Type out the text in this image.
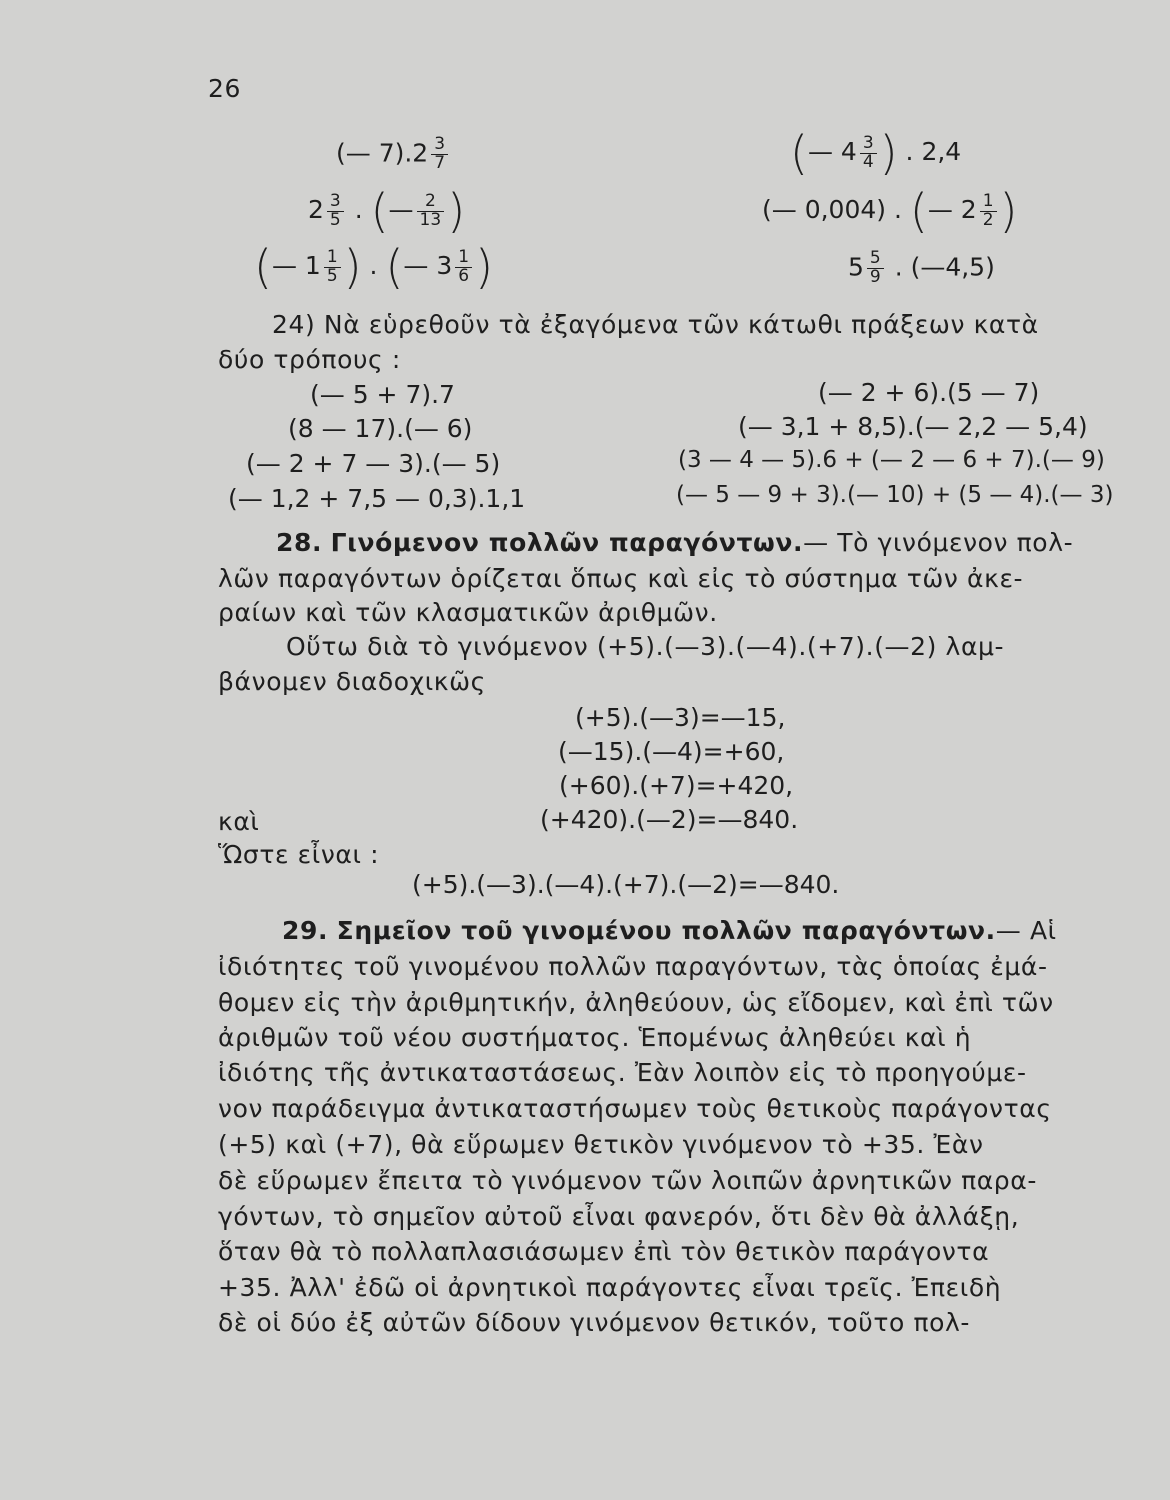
26
(— $7).2 \frac{3}{7}$
$2 \frac{3}{5}$ . (— $\frac{2}{13}$ )
(— $1 \frac{1}{5}$ ) . (— $3 \frac{1}{6}$ )
(— $4 \frac{3}{4}$ ) . 2,4
(— 0,004) . (— $2 \frac{1}{2}$ )
$5 \frac{5}{9}$ . (—4,5)
24) Νὰ εὑρεθοῦν τὰ ἐξαγόμενα τῶν κάτωθι πράξεων κατὰ
δύο τρόπους :
(— 5 + 7).7
(8 — 17).(— 6)
(— 2 + 7 — 3).(— 5)
(— 1,2 + 7,5 — 0,3).1,1
(— 2 + 6).(5 — 7)
(— 3,1 + 8,5).(— 2,2 — 5,4)
(3 — 4 — 5).6 + (— 2 — 6 + 7).(— 9)
(— 5 — 9 + 3).(— 10) + (5 — 4).(— 3)
28. Γινόμενον πολλῶν παραγόντων.— Τὸ γινόμενον πολ-
λῶν παραγόντων ὁρίζεται ὅπως καὶ εἰς τὸ σύστημα τῶν ἀκε-
ραίων καὶ τῶν κλασματικῶν ἀριθμῶν.
Οὕτω διὰ τὸ γινόμενον (+5).(—3).(—4).(+7).(—2) λαμ-
βάνομεν διαδοχικῶς
(+5).(—3)=—15,
(—15).(—4)=+60,
(+60).(+7)=+420,
καὶ	(+420).(—2)=—840.
Ὥστε εἶναι :
(+5).(—3).(—4).(+7).(—2)=—840.
29. Σημεῖον τοῦ γινομένου πολλῶν παραγόντων.— Αἱ
ἰδιότητες τοῦ γινομένου πολλῶν παραγόντων, τὰς ὁποίας ἐμά-
θομεν εἰς τὴν ἀριθμητικήν, ἀληθεύουν, ὡς εἴδομεν, καὶ ἐπὶ τῶν
ἀριθμῶν τοῦ νέου συστήματος. Ἑπομένως ἀληθεύει καὶ ἡ
ἰδιότης τῆς ἀντικαταστάσεως. Ἐὰν λοιπὸν εἰς τὸ προηγούμε-
νον παράδειγμα ἀντικαταστήσωμεν τοὺς θετικοὺς παράγοντας
(+5) καὶ (+7), θὰ εὕρωμεν θετικὸν γινόμενον τὸ +35. Ἐὰν
δὲ εὕρωμεν ἔπειτα τὸ γινόμενον τῶν λοιπῶν ἀρνητικῶν παρα-
γόντων, τὸ σημεῖον αὐτοῦ εἶναι φανερόν, ὅτι δὲν θὰ ἀλλάξῃ,
ὅταν θὰ τὸ πολλαπλασιάσωμεν ἐπὶ τὸν θετικὸν παράγοντα
+35. Ἀλλ' ἐδῶ οἱ ἀρνητικοὶ παράγοντες εἶναι τρεῖς. Ἐπειδὴ
δὲ οἱ δύο ἐξ αὐτῶν δίδουν γινόμενον θετικόν, τοῦτο πολ-
